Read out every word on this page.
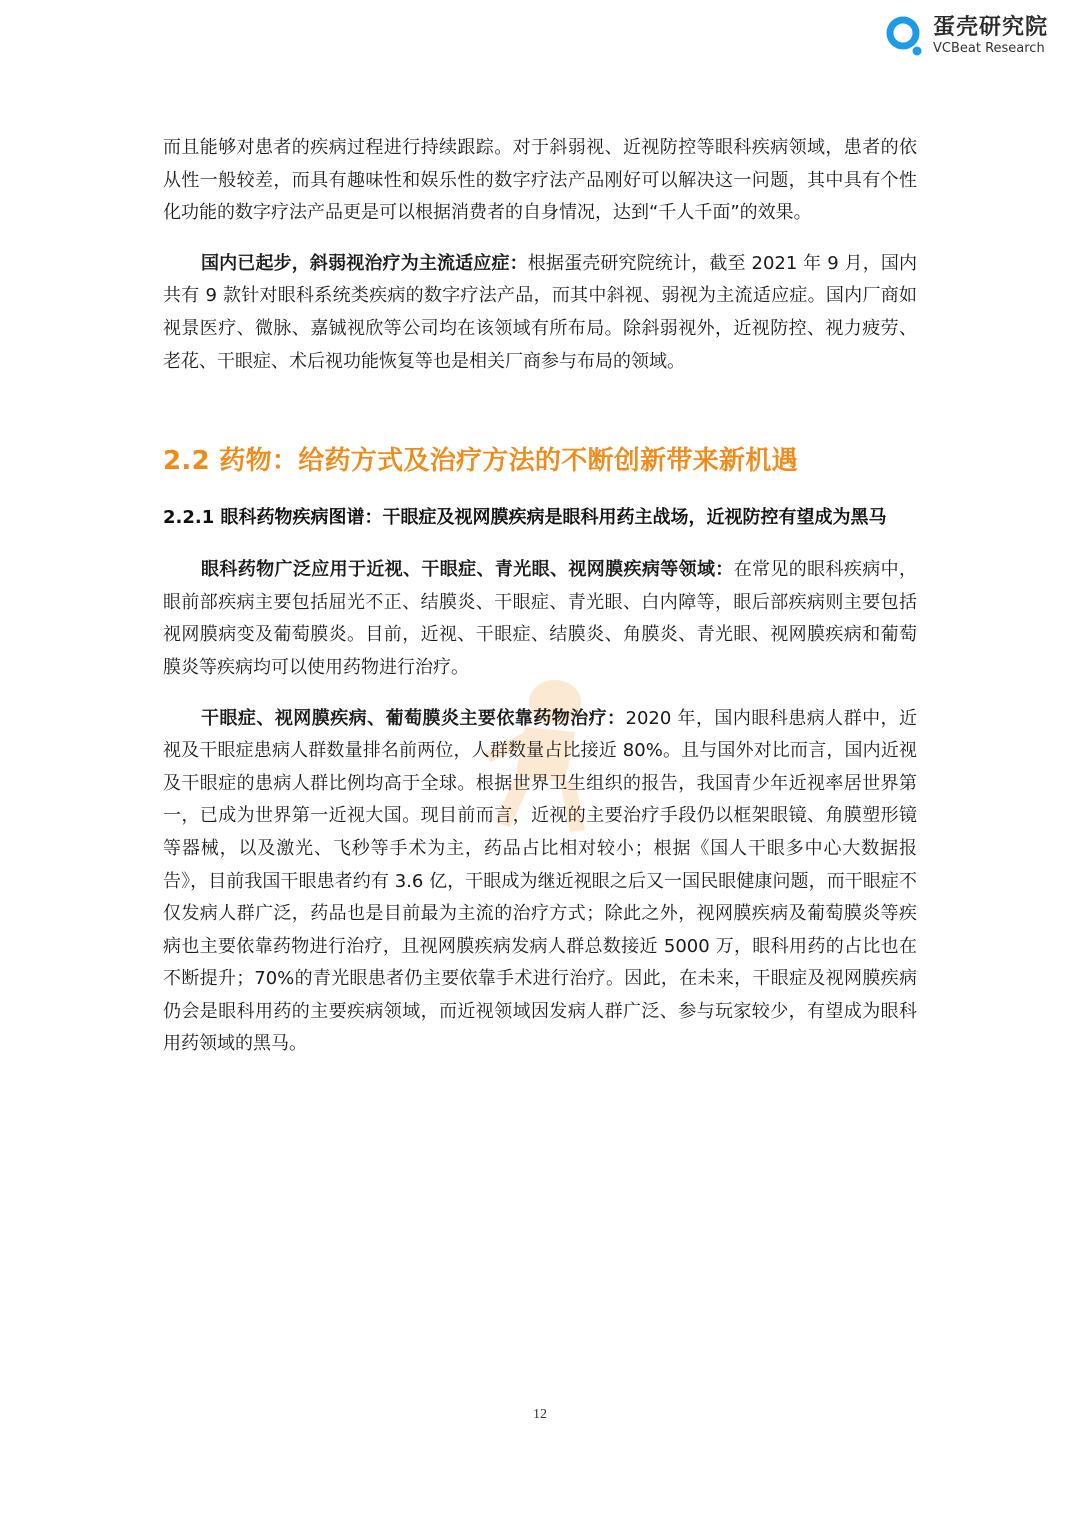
蛋壳研究院
VCBeat Research

而且能够对患者的疾病过程进行持续跟踪。对于斜弱视、近视防控等眼科疾病领域，患者的依从性一般较差，而具有趣味性和娱乐性的数字疗法产品刚好可以解决这一问题，其中具有个性化功能的数字疗法产品更是可以根据消费者的自身情况，达到“千人千面”的效果。

国内已起步，斜弱视治疗为主流适应症：根据蛋壳研究院统计，截至 2021 年 9 月，国内共有 9 款针对眼科系统类疾病的数字疗法产品，而其中斜视、弱视为主流适应症。国内厂商如视景医疗、微脉、嘉铖视欣等公司均在该领域有所布局。除斜弱视外，近视防控、视力疲劳、老花、干眼症、术后视功能恢复等也是相关厂商参与布局的领域。

2.2 药物：给药方式及治疗方法的不断创新带来新机遇
2.2.1 眼科药物疾病图谱：干眼症及视网膜疾病是眼科用药主战场，近视防控有望成为黑马

眼科药物广泛应用于近视、干眼症、青光眼、视网膜疾病等领域：在常见的眼科疾病中，眼前部疾病主要包括屈光不正、结膜炎、干眼症、青光眼、白内障等，眼后部疾病则主要包括视网膜病变及葡萄膜炎。目前，近视、干眼症、结膜炎、角膜炎、青光眼、视网膜疾病和葡萄膜炎等疾病均可以使用药物进行治疗。

干眼症、视网膜疾病、葡萄膜炎主要依靠药物治疗：2020 年，国内眼科患病人群中，近视及干眼症患病人群数量排名前两位，人群数量占比接近 80%。且与国外对比而言，国内近视及干眼症的患病人群比例均高于全球。根据世界卫生组织的报告，我国青少年近视率居世界第一，已成为世界第一近视大国。现目前而言，近视的主要治疗手段仍以框架眼镜、角膜塑形镜等器械，以及激光、飞秒等手术为主，药品占比相对较小；根据《国人干眼多中心大数据报告》，目前我国干眼患者约有 3.6 亿，干眼成为继近视眼之后又一国民眼健康问题，而干眼症不仅发病人群广泛，药品也是目前最为主流的治疗方式；除此之外，视网膜疾病及葡萄膜炎等疾病也主要依靠药物进行治疗，且视网膜疾病发病人群总数接近 5000 万，眼科用药的占比也在不断提升；70%的青光眼患者仍主要依靠手术进行治疗。因此，在未来，干眼症及视网膜疾病仍会是眼科用药的主要疾病领域，而近视领域因发病人群广泛、参与玩家较少，有望成为眼科用药领域的黑马。

12
